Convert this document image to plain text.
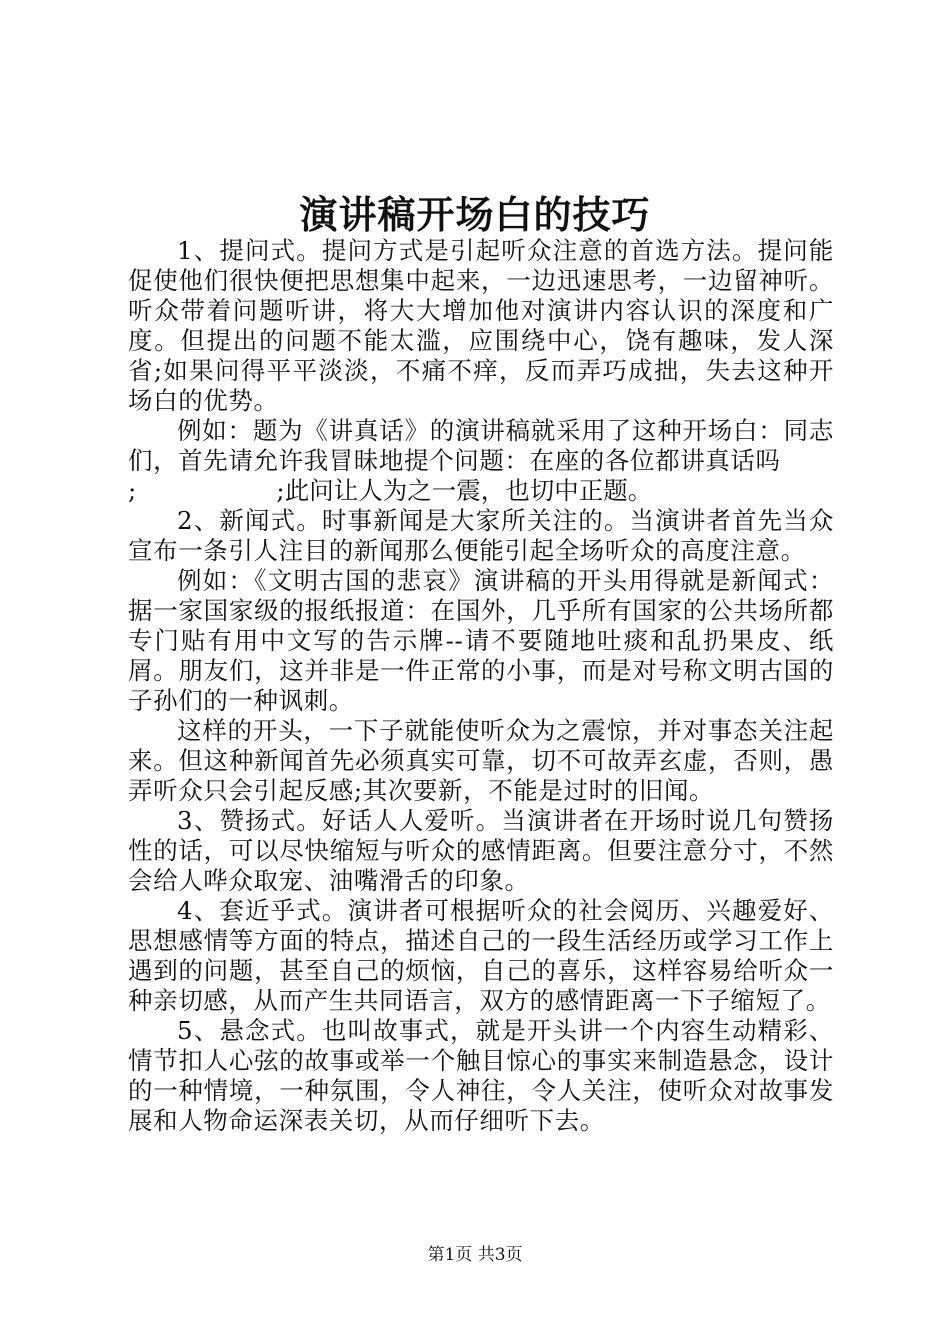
演讲稿开场白的技巧

1、提问式。提问方式是引起听众注意的首选方法。提问能促使他们很快便把思想集中起来，一边迅速思考，一边留神听。听众带着问题听讲，将大大增加他对演讲内容认识的深度和广度。但提出的问题不能太滥，应围绕中心，饶有趣味，发人深省;如果问得平平淡淡，不痛不痒，反而弄巧成拙，失去这种开场白的优势。

例如：题为《讲真话》的演讲稿就采用了这种开场白：同志们，首先请允许我冒昧地提个问题：在座的各位都讲真话吗

;                  ;此问让人为之一震，也切中正题。

2、新闻式。时事新闻是大家所关注的。当演讲者首先当众宣布一条引人注目的新闻那么便能引起全场听众的高度注意。

例如：《文明古国的悲哀》演讲稿的开头用得就是新闻式：据一家国家级的报纸报道：在国外，几乎所有国家的公共场所都专门贴有用中文写的告示牌--请不要随地吐痰和乱扔果皮、纸屑。朋友们，这并非是一件正常的小事，而是对号称文明古国的子孙们的一种讽刺。

这样的开头，一下子就能使听众为之震惊，并对事态关注起来。但这种新闻首先必须真实可靠，切不可故弄玄虚，否则，愚弄听众只会引起反感;其次要新，不能是过时的旧闻。

3、赞扬式。好话人人爱听。当演讲者在开场时说几句赞扬性的话，可以尽快缩短与听众的感情距离。但要注意分寸，不然会给人哗众取宠、油嘴滑舌的印象。

4、套近乎式。演讲者可根据听众的社会阅历、兴趣爱好、思想感情等方面的特点，描述自己的一段生活经历或学习工作上遇到的问题，甚至自己的烦恼，自己的喜乐，这样容易给听众一种亲切感，从而产生共同语言，双方的感情距离一下子缩短了。

5、悬念式。也叫故事式，就是开头讲一个内容生动精彩、情节扣人心弦的故事或举一个触目惊心的事实来制造悬念，设计的一种情境，一种氛围，令人神往，令人关注，使听众对故事发展和人物命运深表关切，从而仔细听下去。

第1页 共3页
